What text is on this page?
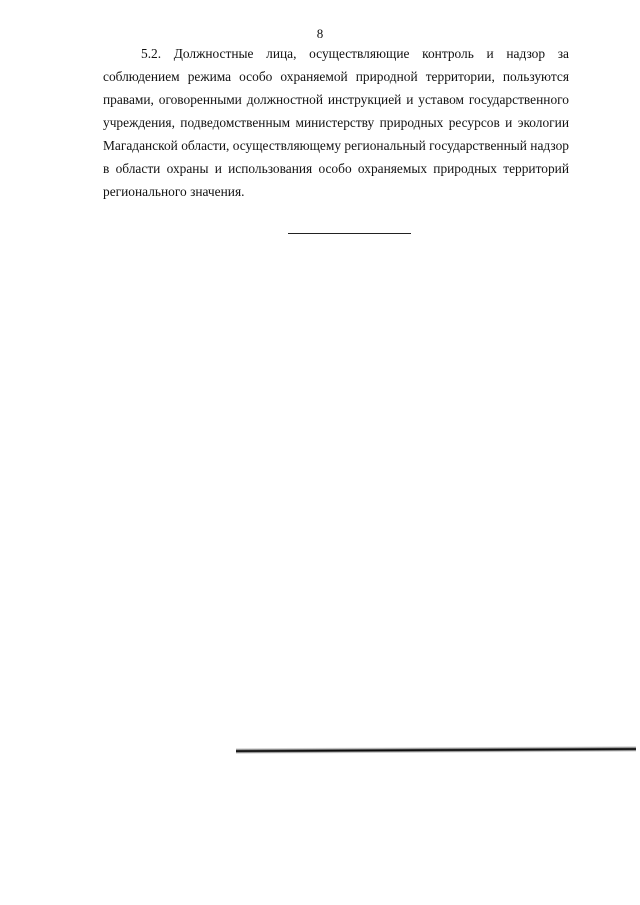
8

5.2. Должностные лица, осуществляющие контроль и надзор за соблюдением режима особо охраняемой природной территории, пользуются правами, оговоренными должностной инструкцией и уставом государственного учреждения, подведомственным министерству природных ресурсов и экологии Магаданской области, осуществляющему региональный государственный надзор в области охраны и использования особо охраняемых природных территорий регионального значения.
